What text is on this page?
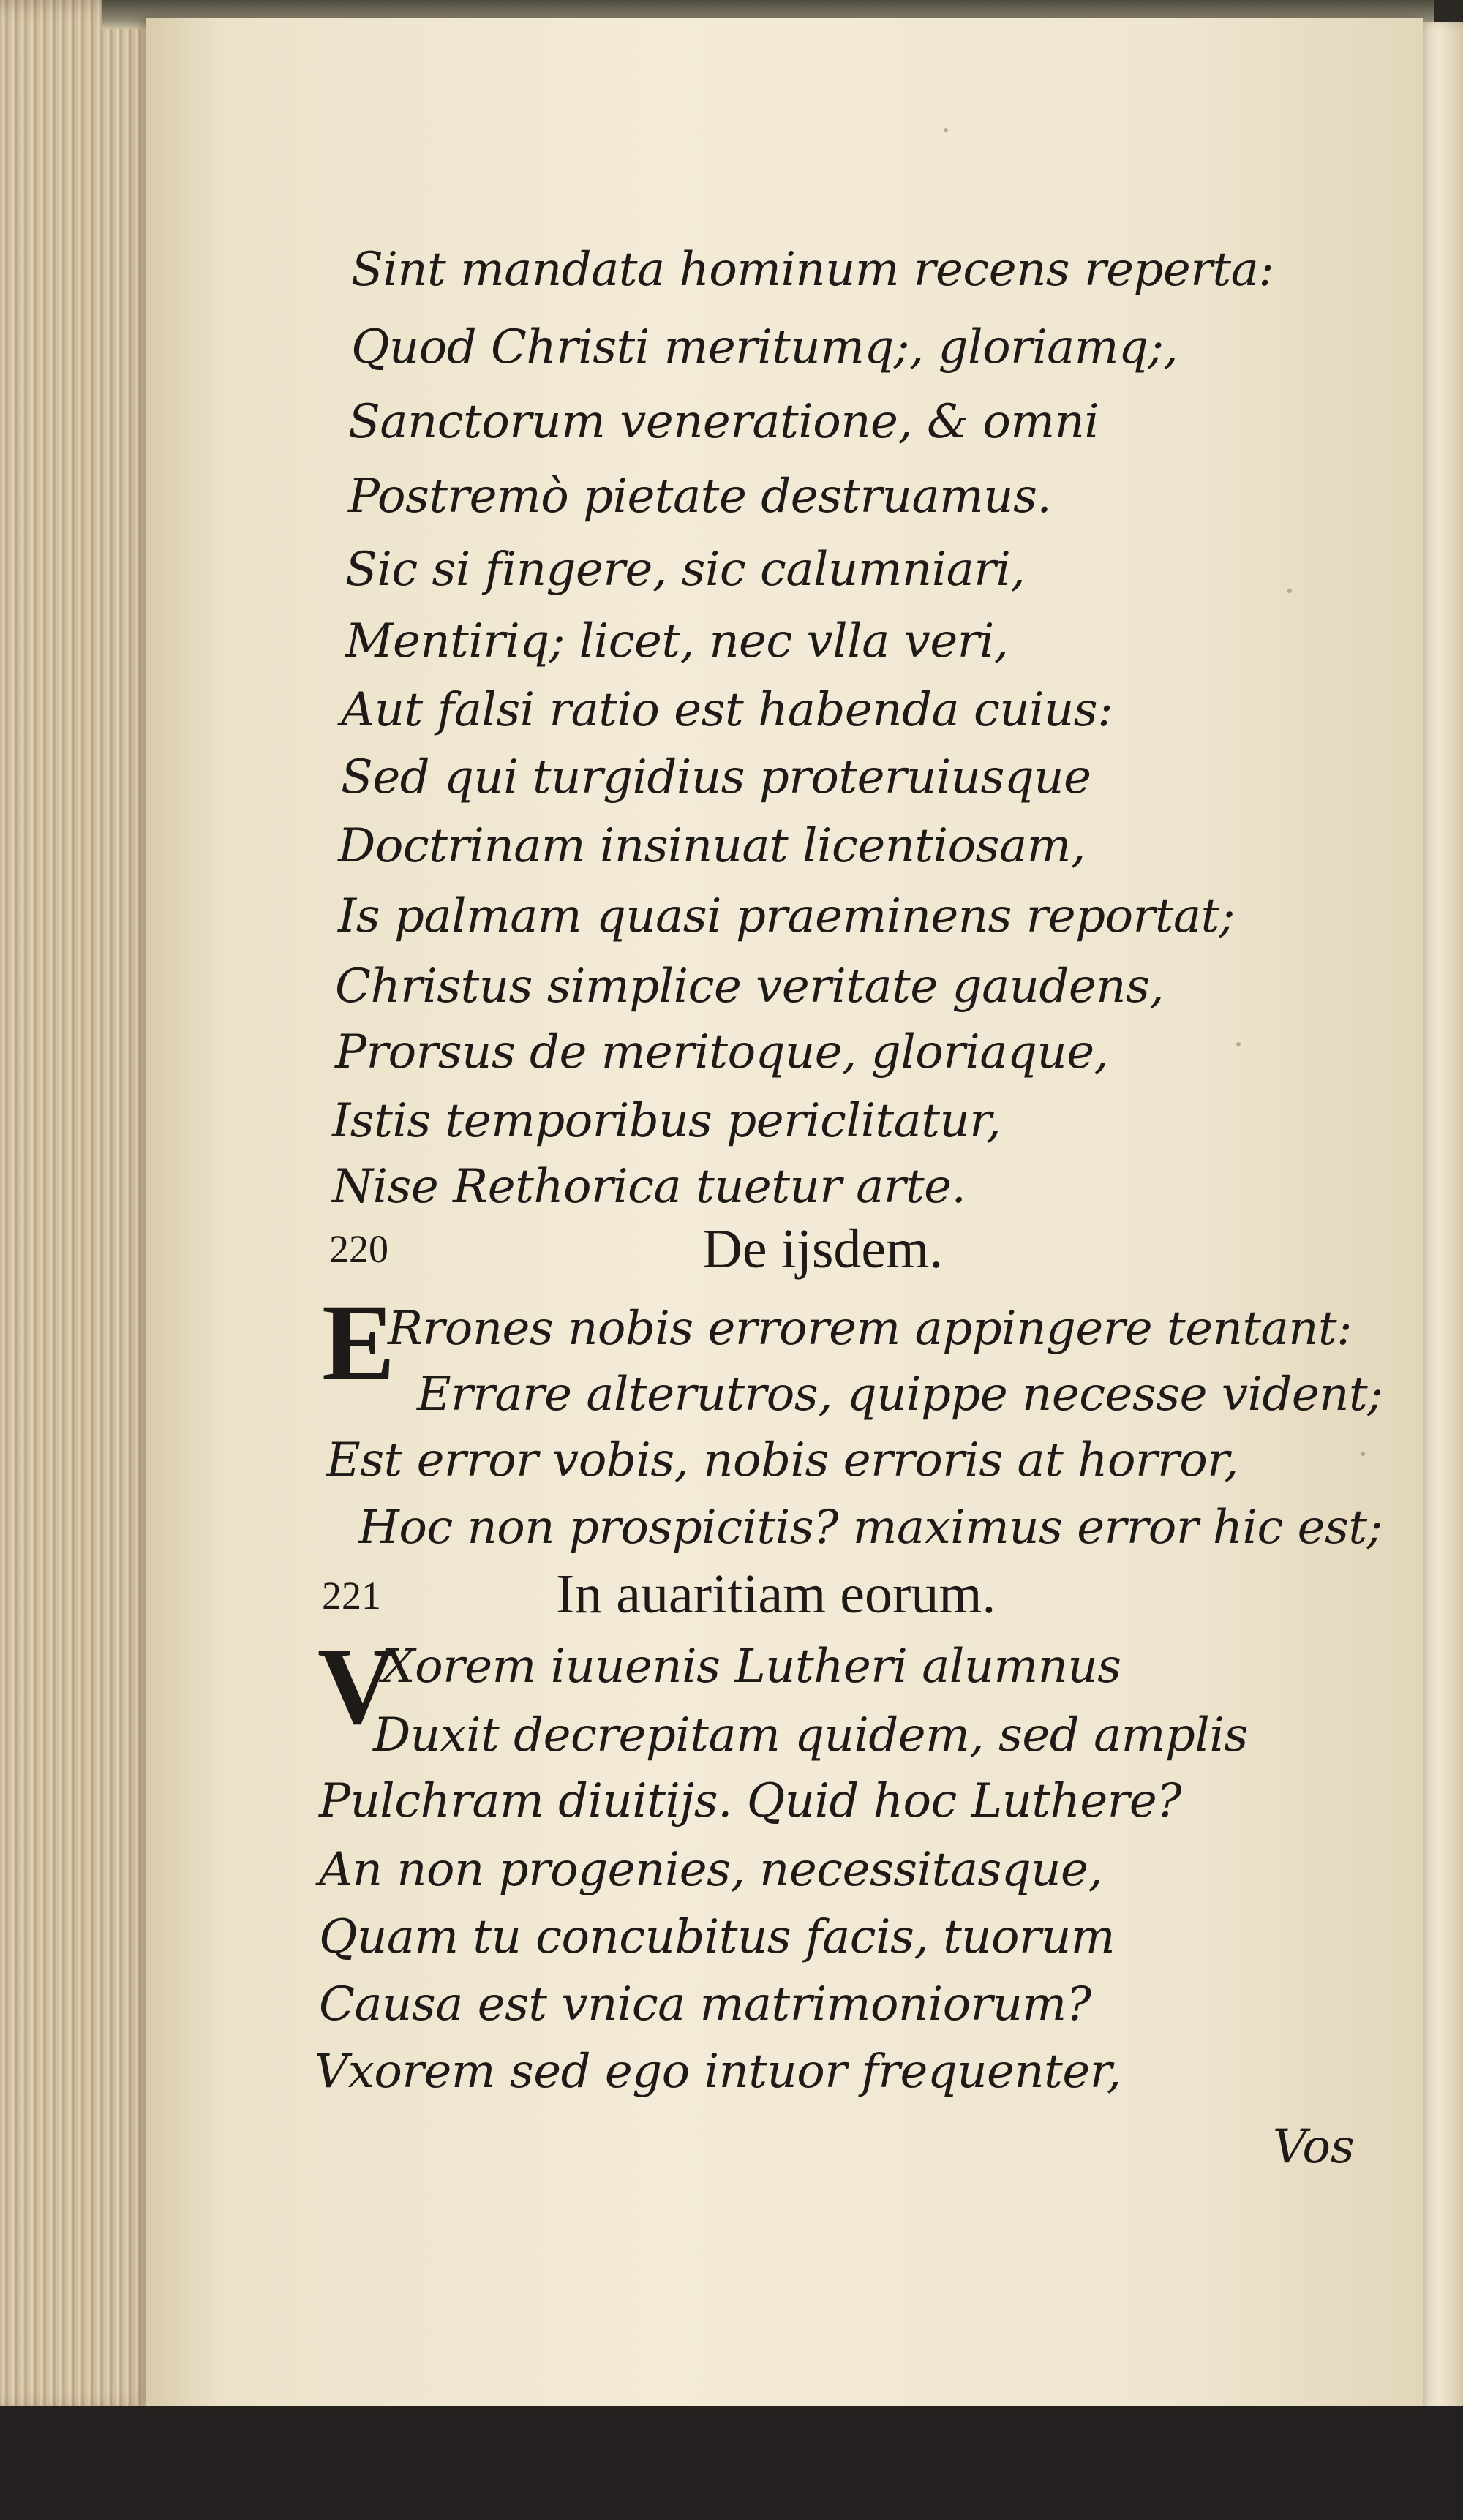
Sint mandata hominum recens reperta:
Quod Christi meritumq;, gloriamq;,
Sanctorum veneratione, & omni
Postremò pietate destruamus.
Sic si fingere, sic calumniari,
Mentiriq; licet, nec vlla veri,
Aut falsi ratio est habenda cuius:
Sed qui turgidius proteruiusque
Doctrinam insinuat licentiosam,
Is palmam quasi praeminens reportat;
Christus simplice veritate gaudens,
Prorsus de meritoque, gloriaque,
Istis temporibus periclitatur,
Nise Rethorica tuetur arte.
220	De ijsdem.
E
Rrones nobis errorem appingere tentant:
Errare alterutros, quippe necesse vident;
Est error vobis, nobis erroris at horror,
Hoc non prospicitis? maximus error hic est;
221	In auaritiam eorum.
V
Xorem iuuenis Lutheri alumnus
Duxit decrepitam quidem, sed amplis
Pulchram diuitijs. Quid hoc Luthere?
An non progenies, necessitasque,
Quam tu concubitus facis, tuorum
Causa est vnica matrimoniorum?
Vxorem sed ego intuor frequenter,
Vos
